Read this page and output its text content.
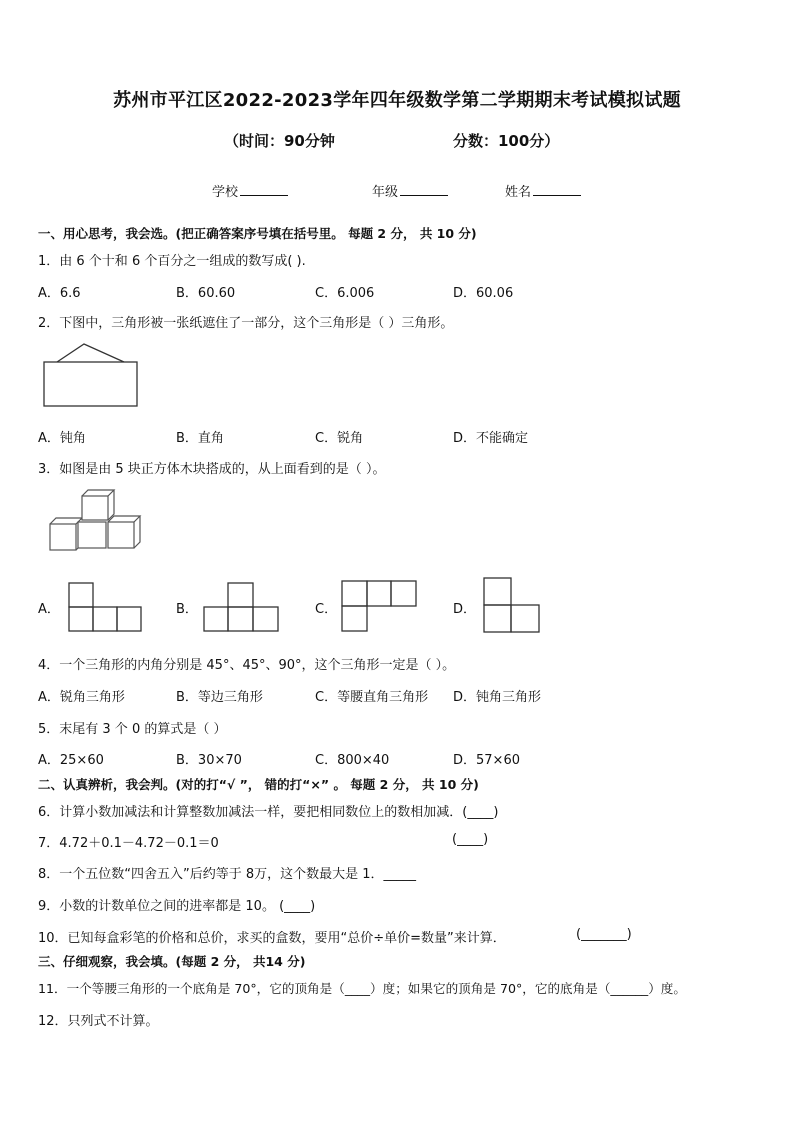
苏州市平江区2022-2023学年四年级数学第二学期期末考试模拟试题
（时间：90分钟	分数：100分）
学校	年级	姓名
一、用心思考，我会选。(把正确答案序号填在括号里。 每题 2 分， 共 10 分)
1．由 6 个十和 6 个百分之一组成的数写成( ).
A．6.6	B．60.60	C．6.006	D．60.06
2．下图中，三角形被一张纸遮住了一部分，这个三角形是（ ）三角形。
A．钝角	B．直角	C．锐角	D．不能确定
3．如图是由 5 块正方体木块搭成的，从上面看到的是（ ）。
A．	B．	C．	D．
4．一个三角形的内角分别是 45°、45°、90°，这个三角形一定是（ ）。
A．锐角三角形	B．等边三角形	C．等腰直角三角形 D．钝角三角形
5．末尾有 3 个 0 的算式是（ ）
A．25×60	B．30×70	C．800×40	D．57×60
二、认真辨析，我会判。(对的打“√ ”， 错的打“×” 。 每题 2 分， 共 10 分)
6．计算小数加减法和计算整数加减法一样，要把相同数位上的数相加减．(____)
7．4.72＋0.1－4.72－0.1＝0	(____)
8．一个五位数“四舍五入”后约等于 8万，这个数最大是 1．_____
9．小数的计数单位之间的进率都是 10。 (____)
10．已知每盒彩笔的价格和总价，求买的盒数，要用“总价÷单价=数量”来计算．	(_______)
三、仔细观察，我会填。(每题 2 分， 共14 分)
11．一个等腰三角形的一个底角是 70°，它的顶角是（____）度；如果它的顶角是 70°，它的底角是（______）度。
12．只列式不计算。
